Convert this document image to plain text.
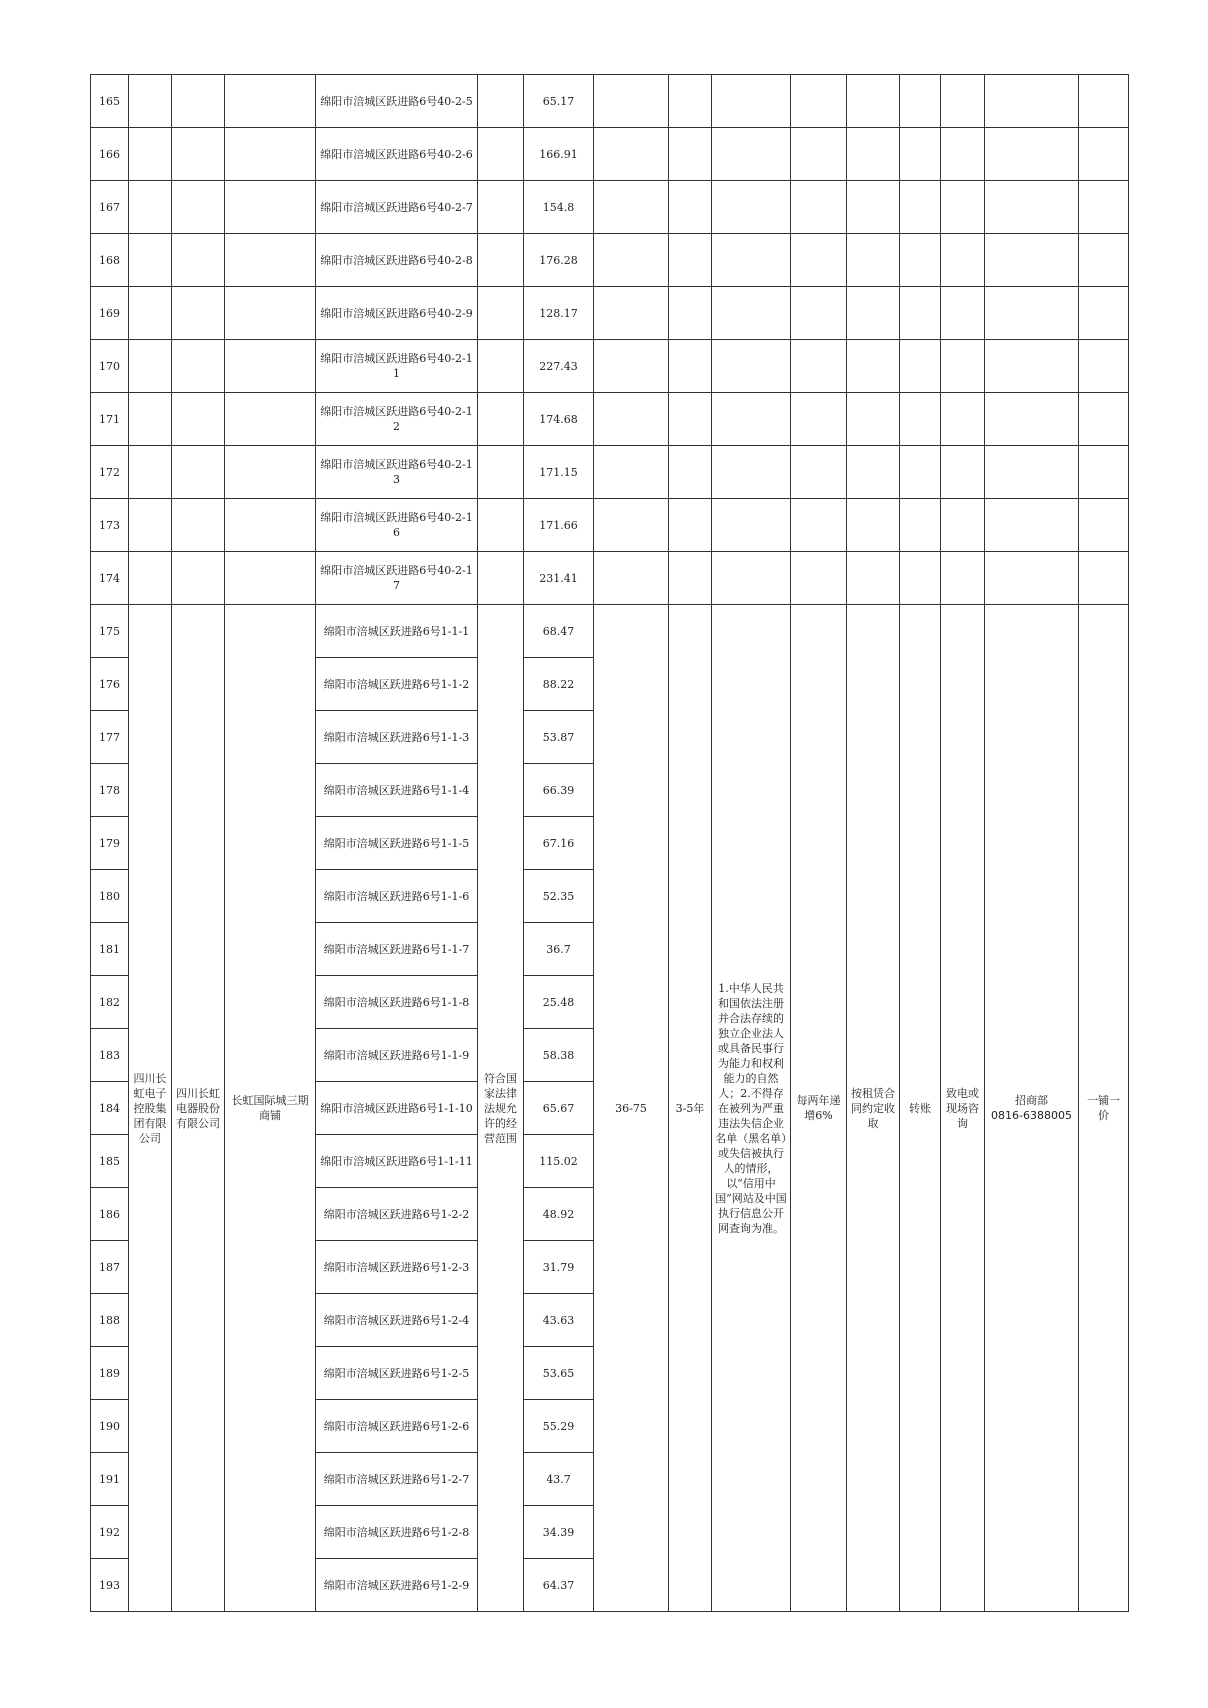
165				绵阳市涪城区跃进路6号40-2-5		65.17									
166				绵阳市涪城区跃进路6号40-2-6		166.91									
167				绵阳市涪城区跃进路6号40-2-7		154.8									
168				绵阳市涪城区跃进路6号40-2-8		176.28									
169				绵阳市涪城区跃进路6号40-2-9		128.17									
170				绵阳市涪城区跃进路6号40-2-11		227.43									
171				绵阳市涪城区跃进路6号40-2-12		174.68									
172				绵阳市涪城区跃进路6号40-2-13		171.15									
173				绵阳市涪城区跃进路6号40-2-16		171.66									
174				绵阳市涪城区跃进路6号40-2-17		231.41									
175	四川长虹电子控股集团有限公司	四川长虹电器股份有限公司	长虹国际城三期商铺	绵阳市涪城区跃进路6号1-1-1	符合国家法律法规允许的经营范围	68.47	36-75	3-5年	1.中华人民共和国依法注册并合法存续的独立企业法人或具备民事行为能力和权利能力的自然人；2.不得存在被列为严重违法失信企业名单（黑名单）或失信被执行人的情形，以“信用中国”网站及中国执行信息公开网查询为准。	每两年递增6%	按租赁合同约定收取	转账	致电或现场咨询	招商部
0816-6388005	一铺一价
176				绵阳市涪城区跃进路6号1-1-2		88.22									
177				绵阳市涪城区跃进路6号1-1-3		53.87									
178				绵阳市涪城区跃进路6号1-1-4		66.39									
179				绵阳市涪城区跃进路6号1-1-5		67.16									
180				绵阳市涪城区跃进路6号1-1-6		52.35									
181				绵阳市涪城区跃进路6号1-1-7		36.7									
182				绵阳市涪城区跃进路6号1-1-8		25.48									
183				绵阳市涪城区跃进路6号1-1-9		58.38									
184				绵阳市涪城区跃进路6号1-1-10		65.67									
185				绵阳市涪城区跃进路6号1-1-11		115.02									
186				绵阳市涪城区跃进路6号1-2-2		48.92									
187				绵阳市涪城区跃进路6号1-2-3		31.79									
188				绵阳市涪城区跃进路6号1-2-4		43.63									
189				绵阳市涪城区跃进路6号1-2-5		53.65									
190				绵阳市涪城区跃进路6号1-2-6		55.29									
191				绵阳市涪城区跃进路6号1-2-7		43.7									
192				绵阳市涪城区跃进路6号1-2-8		34.39									
193				绵阳市涪城区跃进路6号1-2-9		64.37									
